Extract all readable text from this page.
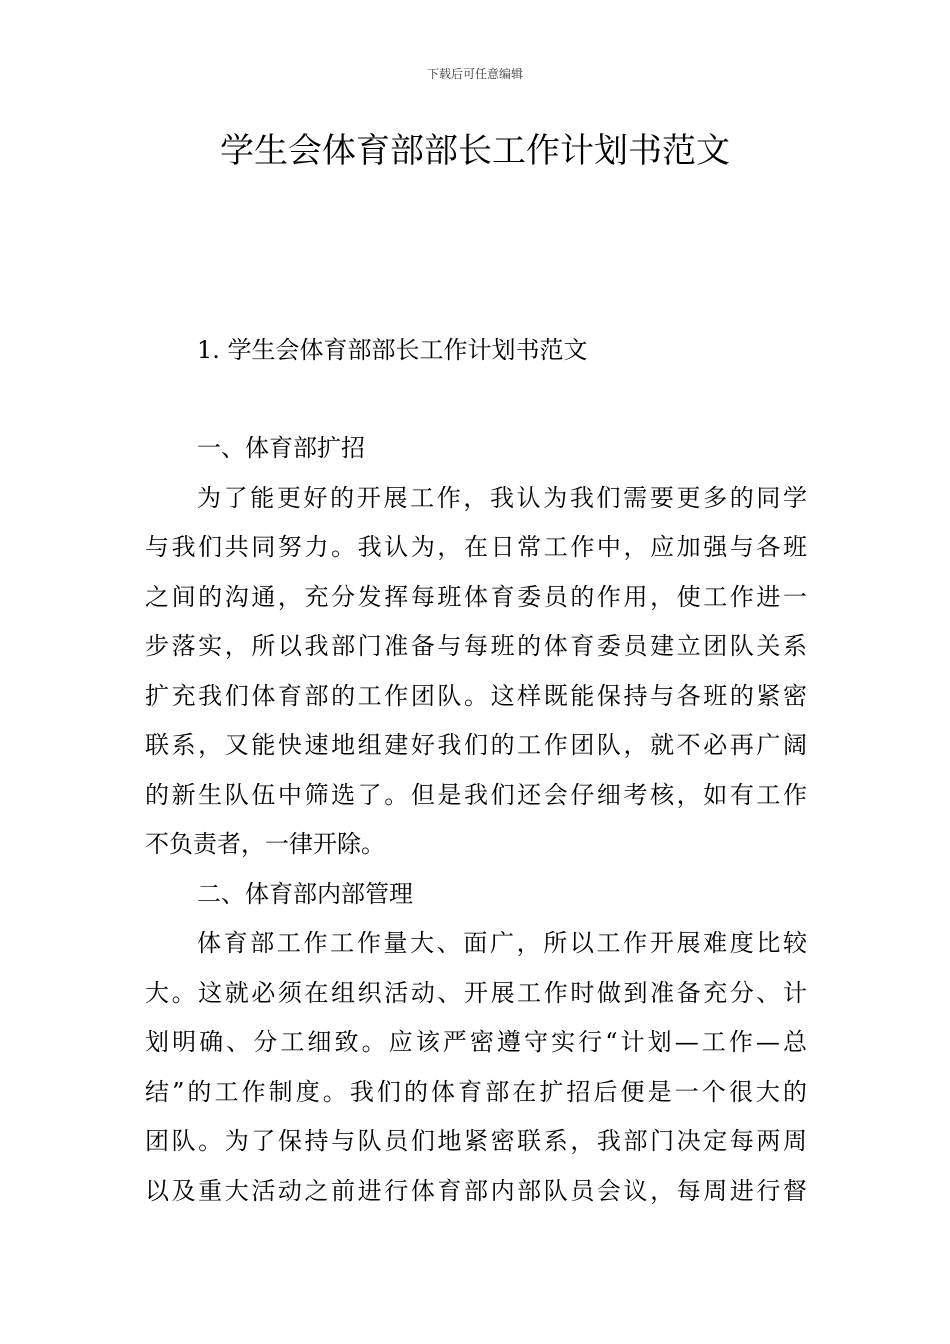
下载后可任意编辑
学生会体育部部长工作计划书范文
1. 学生会体育部部长工作计划书范文
一、体育部扩招
为了能更好的开展工作，我认为我们需要更多的同学
与我们共同努力。我认为，在日常工作中，应加强与各班
之间的沟通，充分发挥每班体育委员的作用，使工作进一
步落实，所以我部门准备与每班的体育委员建立团队关系
扩充我们体育部的工作团队。这样既能保持与各班的紧密
联系，又能快速地组建好我们的工作团队，就不必再广阔
的新生队伍中筛选了。但是我们还会仔细考核，如有工作
不负责者，一律开除。
二、体育部内部管理
体育部工作工作量大、面广，所以工作开展难度比较
大。这就必须在组织活动、开展工作时做到准备充分、计
划明确、分工细致。应该严密遵守实行“计划—工作—总
结”的工作制度。我们的体育部在扩招后便是一个很大的
团队。为了保持与队员们地紧密联系，我部门决定每两周
以及重大活动之前进行体育部内部队员会议，每周进行督
